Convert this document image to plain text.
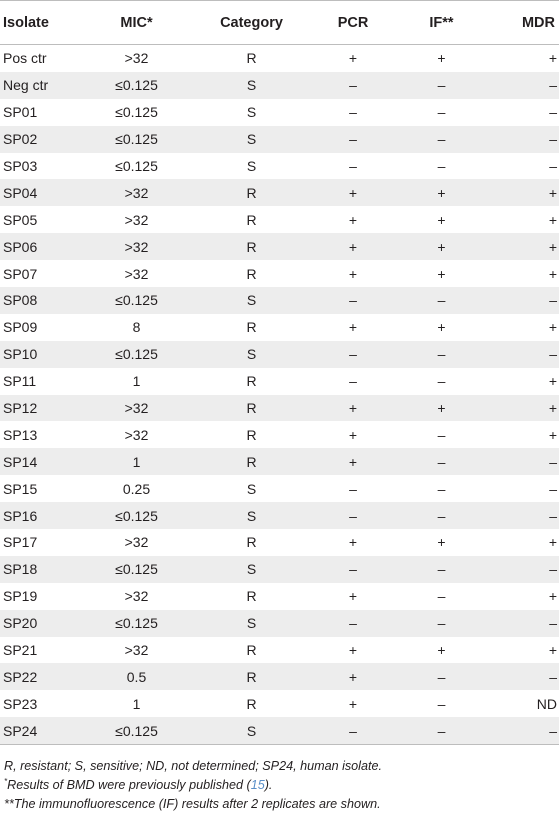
Isolate	MIC*	Category	PCR	IF**	MDR
Pos ctr	>32	R	+	+	+
Neg ctr	≤0.125	S	–	–	–
SP01	≤0.125	S	–	–	–
SP02	≤0.125	S	–	–	–
SP03	≤0.125	S	–	–	–
SP04	>32	R	+	+	+
SP05	>32	R	+	+	+
SP06	>32	R	+	+	+
SP07	>32	R	+	+	+
SP08	≤0.125	S	–	–	–
SP09	8	R	+	+	+
SP10	≤0.125	S	–	–	–
SP11	1	R	–	–	+
SP12	>32	R	+	+	+
SP13	>32	R	+	–	+
SP14	1	R	+	–	–
SP15	0.25	S	–	–	–
SP16	≤0.125	S	–	–	–
SP17	>32	R	+	+	+
SP18	≤0.125	S	–	–	–
SP19	>32	R	+	–	+
SP20	≤0.125	S	–	–	–
SP21	>32	R	+	+	+
SP22	0.5	R	+	–	–
SP23	1	R	+	–	ND
SP24	≤0.125	S	–	–	–

R, resistant; S, sensitive; ND, not determined; SP24, human isolate.

*Results of BMD were previously published (15).

**The immunofluorescence (IF) results after 2 replicates are shown.
